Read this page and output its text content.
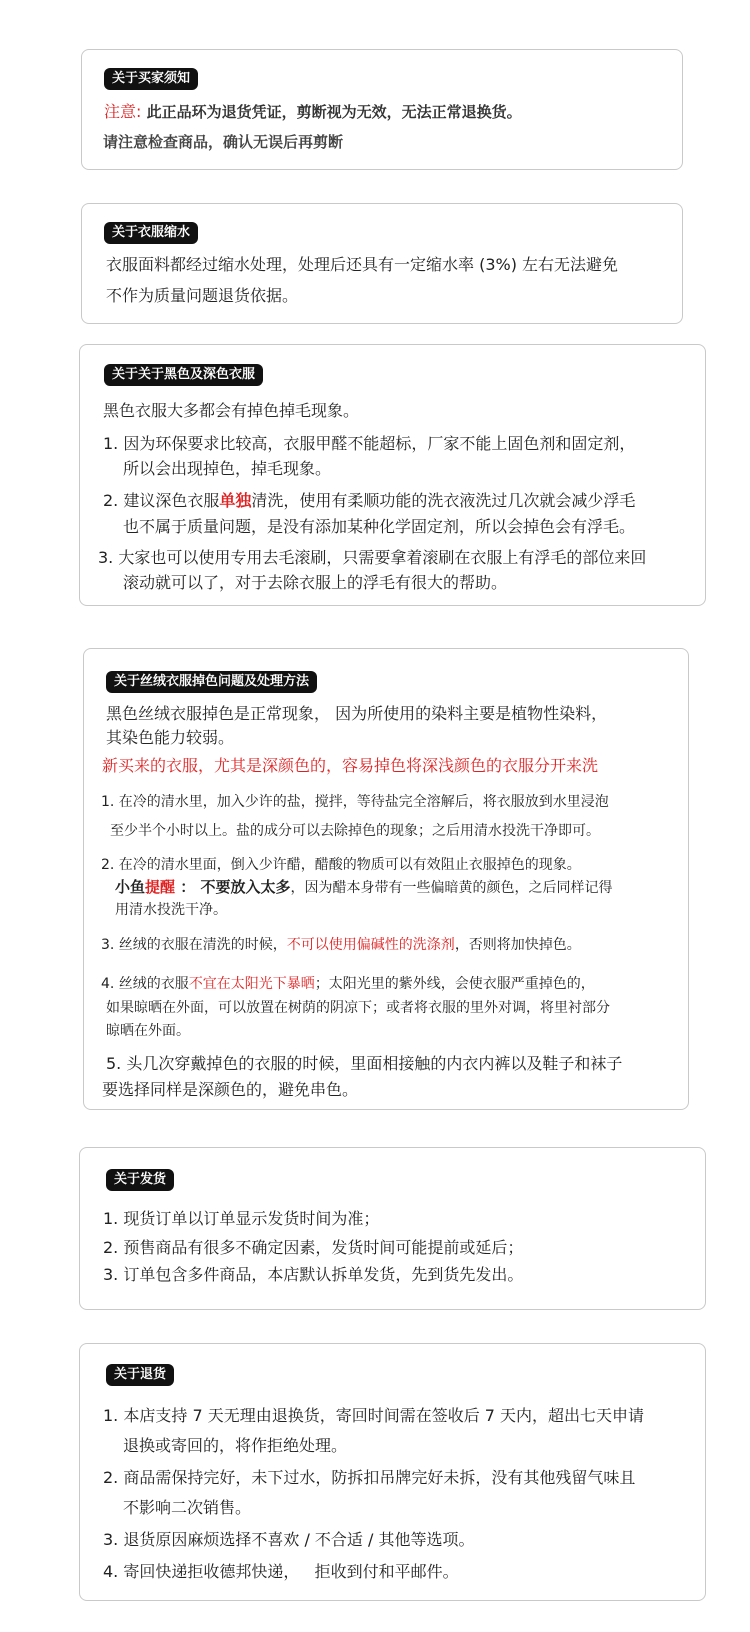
关于买家须知
注意: 此正品环为退货凭证，剪断视为无效，无法正常退换货。
请注意检查商品，确认无误后再剪断
关于衣服缩水
衣服面料都经过缩水处理，处理后还具有一定缩水率 (3%) 左右无法避免
不作为质量问题退货依据。
关于关于黑色及深色衣服
黑色衣服大多都会有掉色掉毛现象。
1. 因为环保要求比较高，衣服甲醛不能超标，厂家不能上固色剂和固定剂，
所以会出现掉色，掉毛现象。
2. 建议深色衣服单独清洗，使用有柔顺功能的洗衣液洗过几次就会减少浮毛
也不属于质量问题，是没有添加某种化学固定剂，所以会掉色会有浮毛。
3. 大家也可以使用专用去毛滚刷，只需要拿着滚刷在衣服上有浮毛的部位来回
滚动就可以了，对于去除衣服上的浮毛有很大的帮助。
关于丝绒衣服掉色问题及处理方法
黑色丝绒衣服掉色是正常现象， 因为所使用的染料主要是植物性染料，
其染色能力较弱。
新买来的衣服，尤其是深颜色的，容易掉色将深浅颜色的衣服分开来洗
1. 在冷的清水里，加入少许的盐，搅拌，等待盐完全溶解后，将衣服放到水里浸泡
至少半个小时以上。盐的成分可以去除掉色的现象；之后用清水投洗干净即可。
2. 在冷的清水里面，倒入少许醋，醋酸的物质可以有效阻止衣服掉色的现象。
小鱼提醒 ： 不要放入太多，因为醋本身带有一些偏暗黄的颜色，之后同样记得
用清水投洗干净。
3. 丝绒的衣服在清洗的时候，不可以使用偏碱性的洗涤剂，否则将加快掉色。
4. 丝绒的衣服不宜在太阳光下暴晒；太阳光里的紫外线，会使衣服严重掉色的，
如果晾晒在外面，可以放置在树荫的阴凉下；或者将衣服的里外对调，将里衬部分
晾晒在外面。
5. 头几次穿戴掉色的衣服的时候，里面相接触的内衣内裤以及鞋子和袜子
要选择同样是深颜色的，避免串色。
关于发货
1. 现货订单以订单显示发货时间为准；
2. 预售商品有很多不确定因素，发货时间可能提前或延后；
3. 订单包含多件商品，本店默认拆单发货，先到货先发出。
关于退货
1. 本店支持 7 天无理由退换货，寄回时间需在签收后 7 天内，超出七天申请
退换或寄回的，将作拒绝处理。
2. 商品需保持完好，未下过水，防拆扣吊牌完好未拆，没有其他残留气味且
不影响二次销售。
3. 退货原因麻烦选择不喜欢 / 不合适 / 其他等选项。
4. 寄回快递拒收德邦快递，   拒收到付和平邮件。
